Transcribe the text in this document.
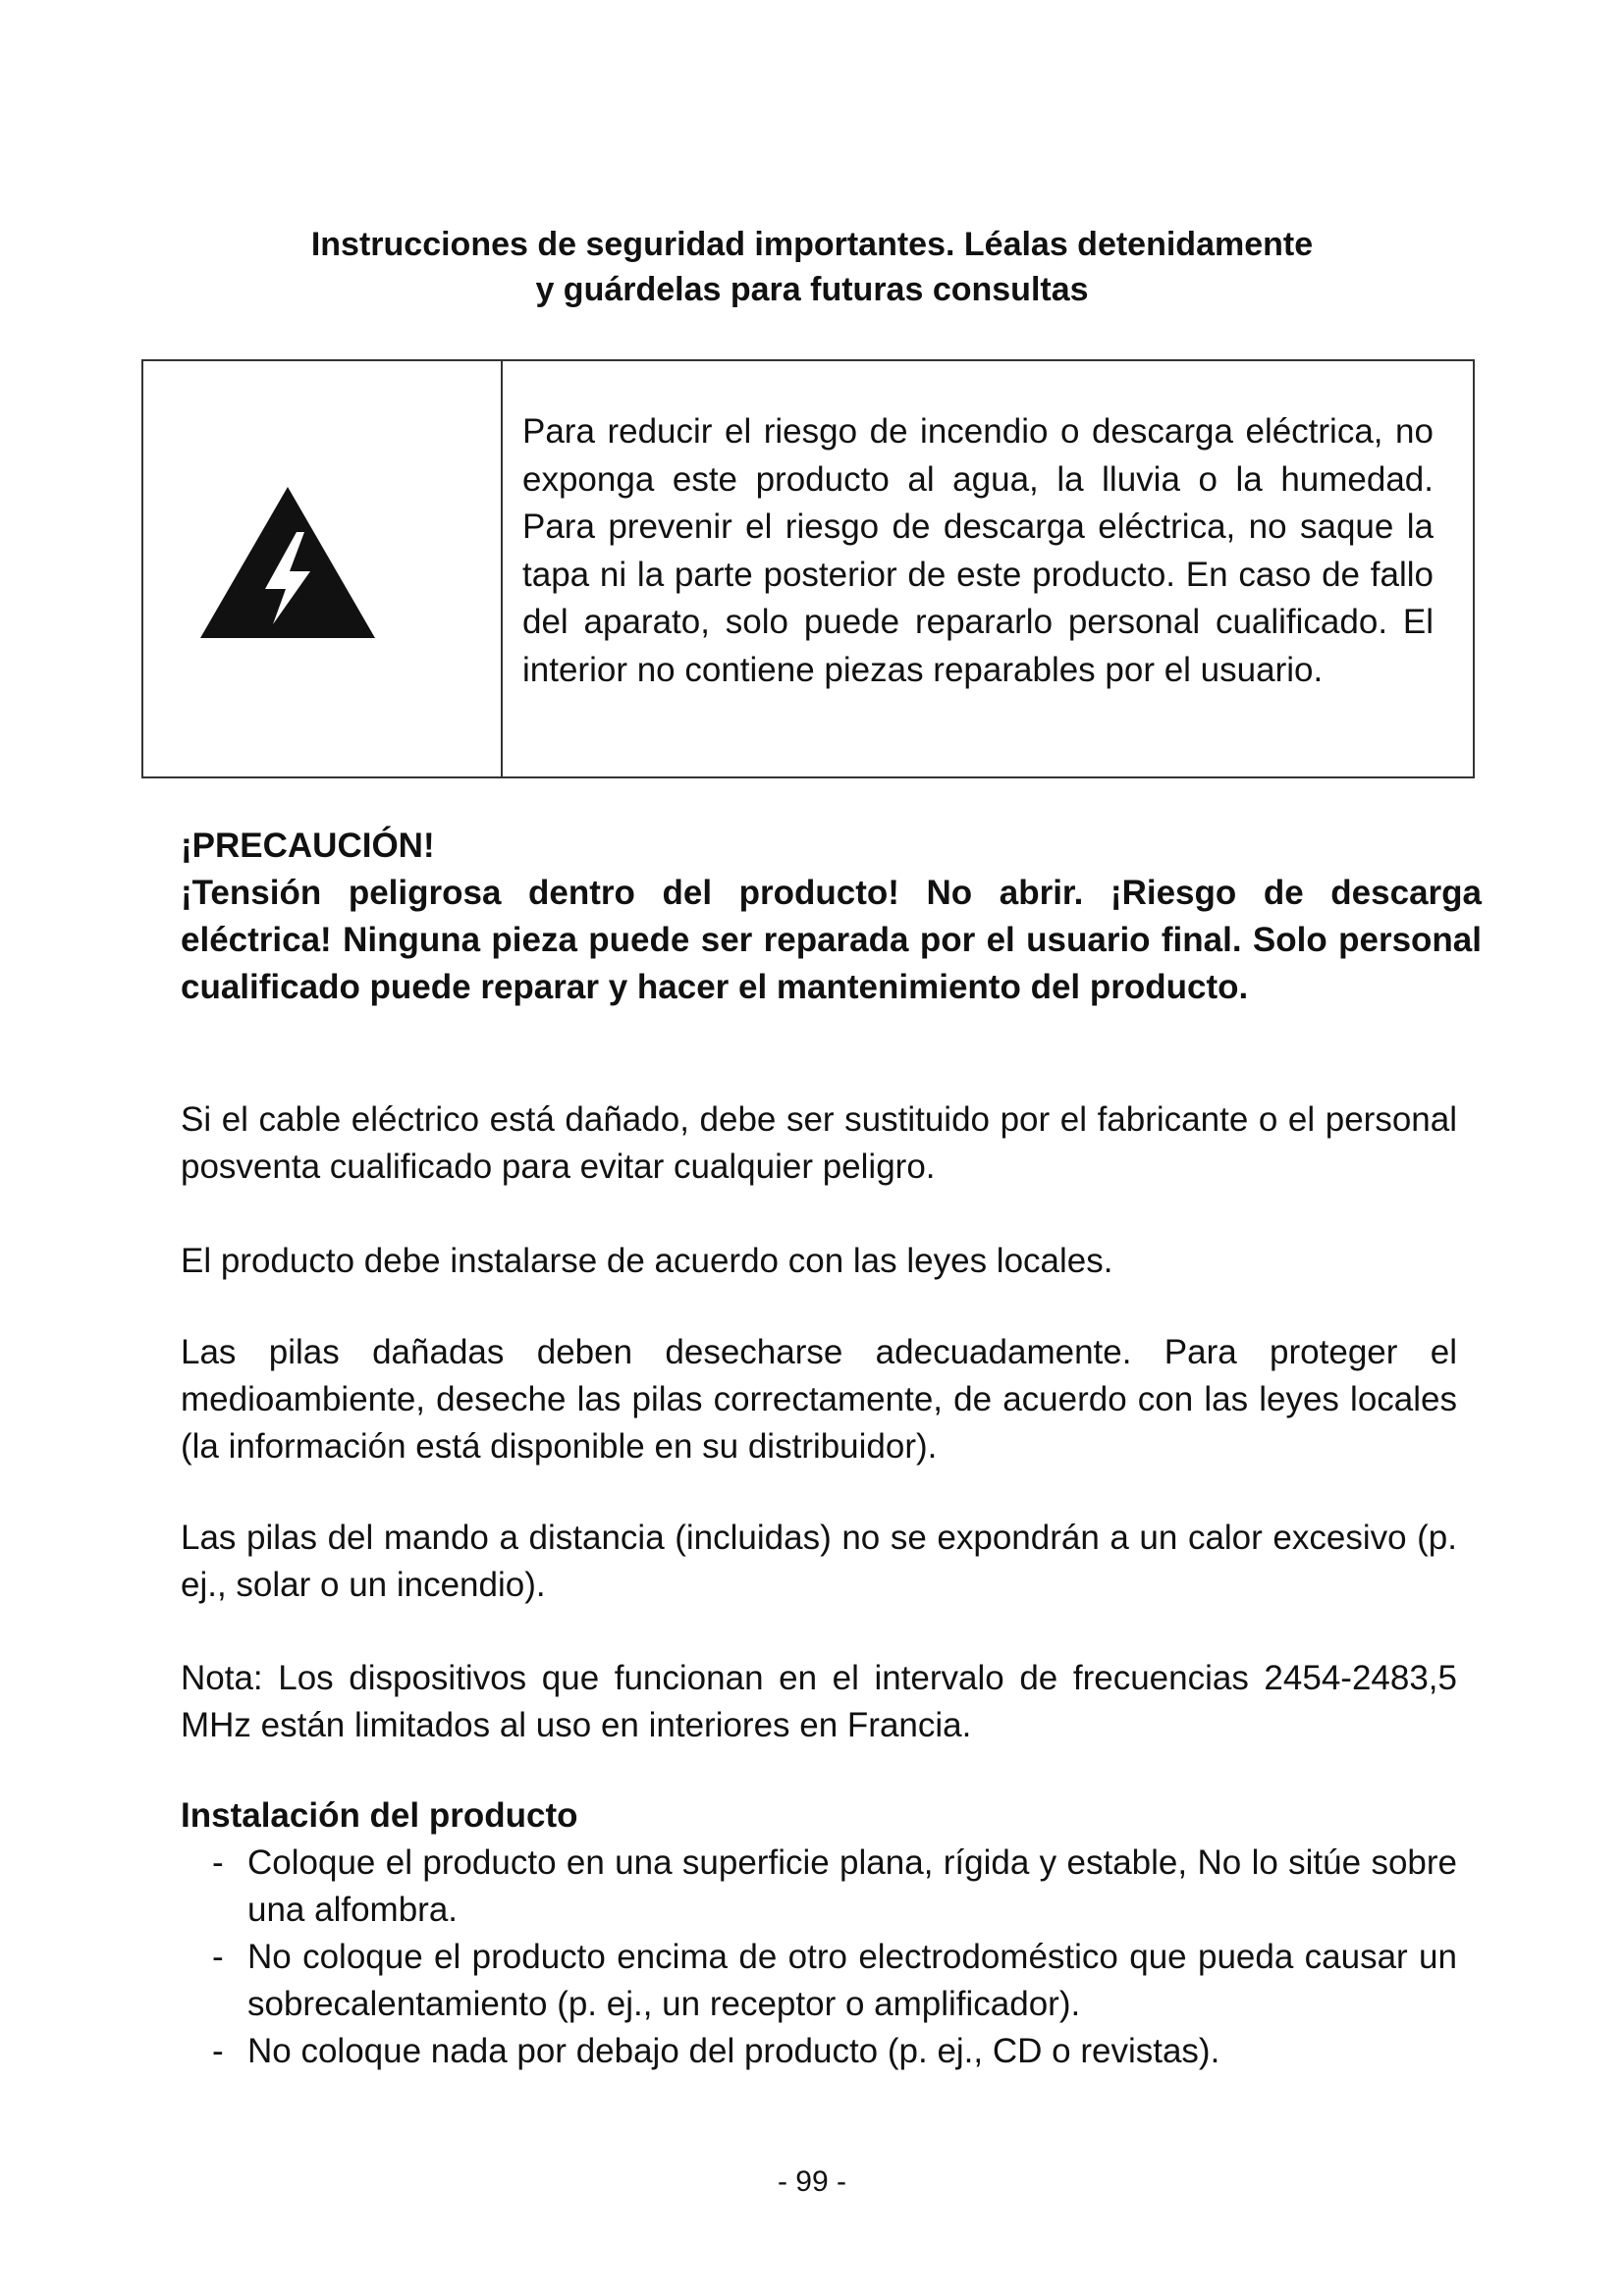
Instrucciones de seguridad importantes. Léalas detenidamente
y guárdelas para futuras consultas
Para reducir el riesgo de incendio o descarga eléctrica, no exponga este producto al agua, la lluvia o la humedad. Para prevenir el riesgo de descarga eléctrica, no saque la tapa ni la parte posterior de este producto. En caso de fallo del aparato, solo puede repararlo personal cualificado. El interior no contiene piezas reparables por el usuario.
¡PRECAUCIÓN!
¡Tensión peligrosa dentro del producto! No abrir. ¡Riesgo de descarga eléctrica! Ninguna pieza puede ser reparada por el usuario final. Solo personal cualificado puede reparar y hacer el mantenimiento del producto.
Si el cable eléctrico está dañado, debe ser sustituido por el fabricante o el personal posventa cualificado para evitar cualquier peligro.
El producto debe instalarse de acuerdo con las leyes locales.
Las pilas dañadas deben desecharse adecuadamente. Para proteger el medioambiente, deseche las pilas correctamente, de acuerdo con las leyes locales (la información está disponible en su distribuidor).
Las pilas del mando a distancia (incluidas) no se expondrán a un calor excesivo (p. ej., solar o un incendio).
Nota: Los dispositivos que funcionan en el intervalo de frecuencias 2454-2483,5 MHz están limitados al uso en interiores en Francia.
Instalación del producto
- Coloque el producto en una superficie plana, rígida y estable, No lo sitúe sobre una alfombra.
- No coloque el producto encima de otro electrodoméstico que pueda causar un sobrecalentamiento (p. ej., un receptor o amplificador).
- No coloque nada por debajo del producto (p. ej., CD o revistas).
- 99 -
